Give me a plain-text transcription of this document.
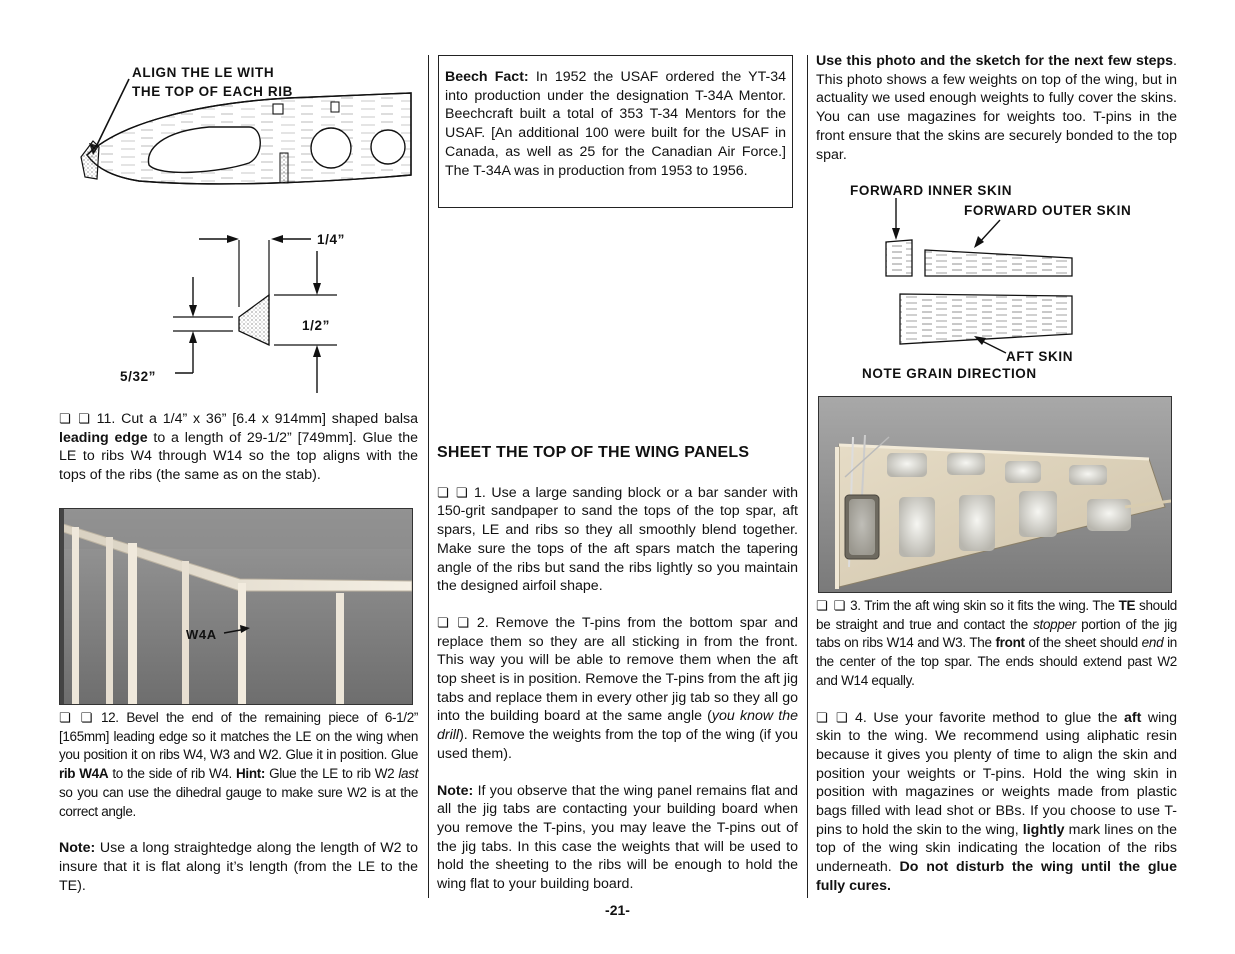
ALIGN THE LE WITH
THE TOP OF EACH RIB
1/4”
1/2”
5/32”

❏ ❏ 11. Cut a 1/4” x 36” [6.4 x 914mm] shaped balsa leading edge to a length of 29-1/2” [749mm]. Glue the LE to ribs W4 through W14 so the top aligns with the tops of the ribs (the same as on the stab).

W4A

❏ ❏ 12. Bevel the end of the remaining piece of 6-1/2” [165mm] leading edge so it matches the LE on the wing when you position it on ribs W4, W3 and W2. Glue it in position. Glue rib W4A to the side of rib W4. Hint: Glue the LE to rib W2 last so you can use the dihedral gauge to make sure W2 is at the correct angle.

Note: Use a long straightedge along the length of W2 to insure that it is flat along it’s length (from the LE to the TE).

Beech Fact: In 1952 the USAF ordered the YT-34 into production under the designation T-34A Mentor. Beechcraft built a total of 353 T-34 Mentors for the USAF. [An additional 100 were built for the USAF in Canada, as well as 25 for the Canadian Air Force.] The T-34A was in production from 1953 to 1956.
SHEET THE TOP OF THE WING PANELS

❏ ❏ 1. Use a large sanding block or a bar sander with 150-grit sandpaper to sand the tops of the top spar, aft spars, LE and ribs so they all smoothly blend together. Make sure the tops of the aft spars match the tapering angle of the ribs but sand the ribs lightly so you maintain the designed airfoil shape.

❏ ❏ 2. Remove the T-pins from the bottom spar and replace them so they are all sticking in from the front. This way you will be able to remove them when the aft top sheet is in position. Remove the T-pins from the aft jig tabs and replace them in every other jig tab so they all go into the building board at the same angle (you know the drill). Remove the weights from the top of the wing (if you used them).

Note: If you observe that the wing panel remains flat and all the jig tabs are contacting your building board when you remove the T-pins, you may leave the T-pins out of the jig tabs. In this case the weights that will be used to hold the sheeting to the ribs will be enough to hold the wing flat to your building board.

Use this photo and the sketch for the next few steps. This photo shows a few weights on top of the wing, but in actuality we used enough weights to fully cover the skins. You can use magazines for weights too. T-pins in the front ensure that the skins are securely bonded to the top spar.

FORWARD INNER SKIN
FORWARD OUTER SKIN
AFT SKIN
NOTE GRAIN DIRECTION

❏ ❏ 3. Trim the aft wing skin so it fits the wing. The TE should be straight and true and contact the stopper portion of the jig tabs on ribs W14 and W3. The front of the sheet should end in the center of the top spar. The ends should extend past W2 and W14 equally.

❏ ❏ 4. Use your favorite method to glue the aft wing skin to the wing. We recommend using aliphatic resin because it gives you plenty of time to align the skin and position your weights or T-pins. Hold the wing skin in position with magazines or weights made from plastic bags filled with lead shot or BBs. If you choose to use T-pins to hold the skin to the wing, lightly mark lines on the top of the wing skin indicating the location of the ribs underneath. Do not disturb the wing until the glue fully cures.

-21-
